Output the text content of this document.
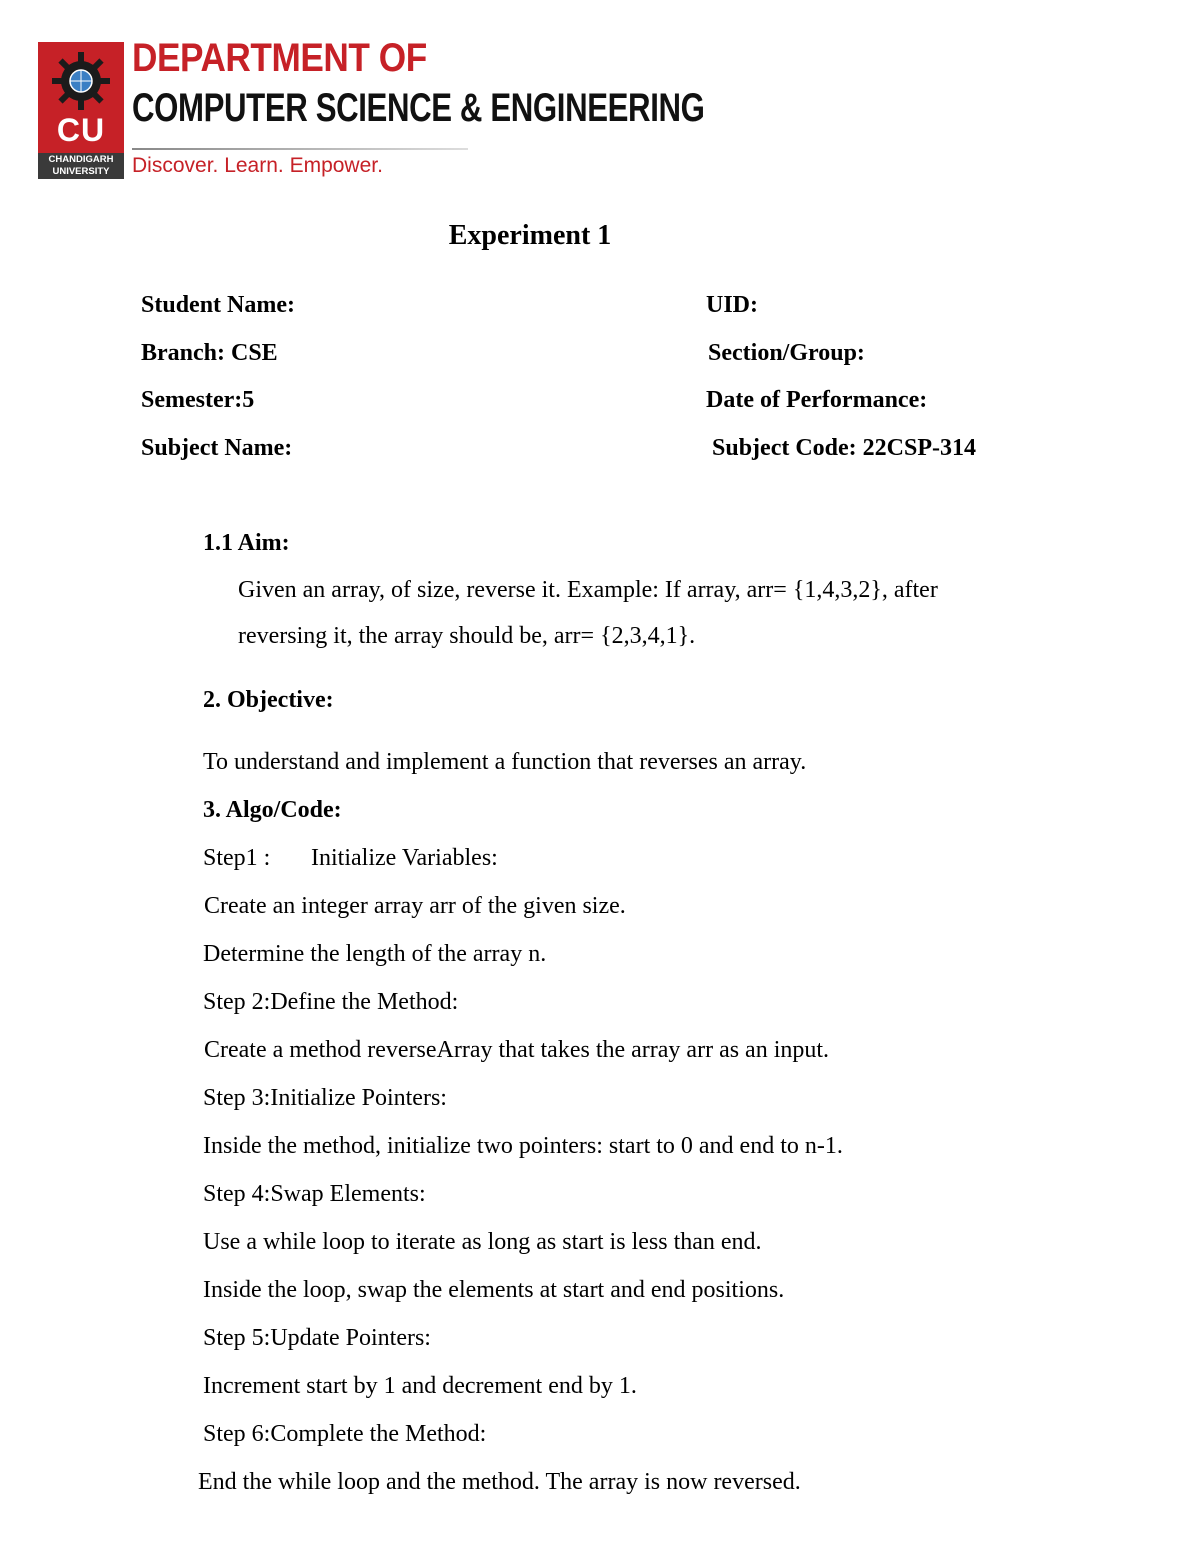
CU
CHANDIGARH
UNIVERSITY
DEPARTMENT OF
COMPUTER SCIENCE & ENGINEERING
Discover. Learn. Empower.
Experiment 1
Student Name:	UID:
Branch: CSE	Section/Group:
Semester:5	Date of Performance:
Subject Name:	Subject Code: 22CSP-314
1.1 Aim:
Given an array, of size, reverse it. Example: If array, arr= {1,4,3,2}, after
reversing it, the array should be, arr= {2,3,4,1}.
2. Objective:
To understand and implement a function that reverses an array.
3. Algo/Code:
Step1 : Initialize Variables:
Create an integer array arr of the given size.
Determine the length of the array n.
Step 2:Define the Method:
Create a method reverseArray that takes the array arr as an input.
Step 3:Initialize Pointers:
Inside the method, initialize two pointers: start to 0 and end to n-1.
Step 4:Swap Elements:
Use a while loop to iterate as long as start is less than end.
Inside the loop, swap the elements at start and end positions.
Step 5:Update Pointers:
Increment start by 1 and decrement end by 1.
Step 6:Complete the Method:
End the while loop and the method. The array is now reversed.
